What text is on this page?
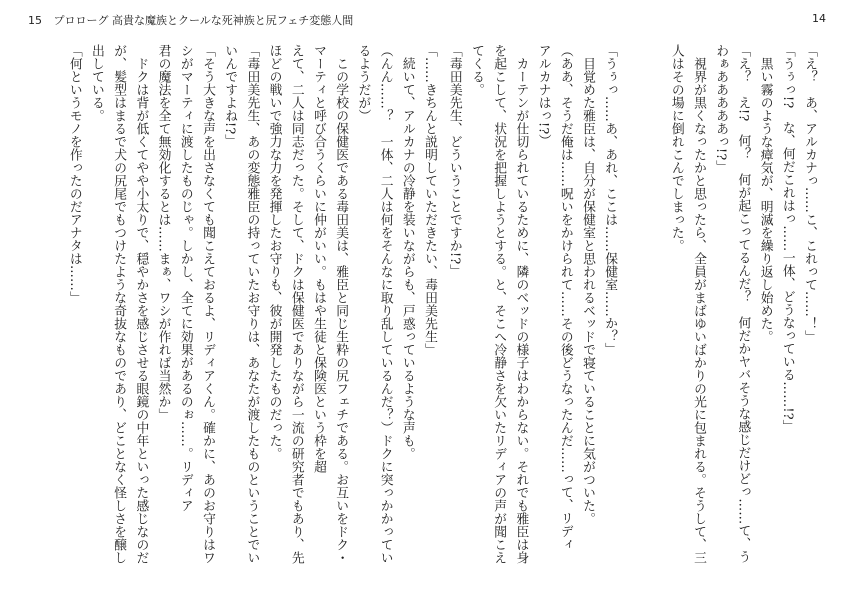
15 プロローグ 高貴な魔族とクールな死神族と尻フェチ変態人間	14

「え？　あ、アルカナっ……こ、これって……！」

「うぅっ!?　な、何だこれはっ……一体、どうなっている……!?」

　黒い霧のような瘴気が、明滅を繰り返し始めた。

「え？　え!?　何？　何が起こってるんだ？　何だかヤバそうな感じだけどっ……て、う

わぁあああああっ!?」

　視界が黒くなったかと思ったら、全員がまばゆいばかりの光に包まれる。そうして、三

人はその場に倒れこんでしまった。

「うぅっ……あ、あれ、ここは……保健室……か？」

　目覚めた雅臣は、自分が保健室と思われるベッドで寝ていることに気がついた。

（ああ、そうだ俺は……呪いをかけられて……その後どうなったんだ……って、リディ

アルカナはっ!?）

　カーテンが仕切られているために、隣のベッドの様子はわからない。それでも雅臣は身

を起こして、状況を把握しようとする。と、そこへ冷静さを欠いたリディアの声が聞こえ

てくる。

「毒田美先生、どういうことですか!?」

「……きちんと説明していただきたい、毒田美先生」

　続いて、アルカナの冷静を装いながらも、戸惑っているような声も。

（んん……？　一体、二人は何をそんなに取り乱しているんだ？）ドクに突っかかってい

るようだが）

　この学校の保健医である毒田美は、雅臣と同じ生粋の尻フェチである。お互いをドク・

マーティと呼び合うくらいに仲がいい。もはや生徒と保険医という枠を超

えて、二人は同志だった。そして、ドクは保健医でありながら一流の研究者でもあり、先

ほどの戦いで強力な力を発揮したお守りも、彼が開発したものだった。

「毒田美先生、あの変態雅臣の持っていたお守りは、あなたが渡したものということでい

いんですよね!?」

「そう大きな声を出さなくても聞こえておるよ、リディアくん。確かに、あのお守りはワ

シがマーティに渡したものじゃ。しかし、全てに効果があるのぉ……。リディア

君の魔法を全て無効化するとは……まぁ、ワシが作れば当然か」

　ドクは背が低くてやや小太りで、穏やかさを感じさせる眼鏡の中年といった感じなのだ

が、髪型はまるで犬の尻尾でもつけたような奇抜なものであり、どことなく怪しさを醸し

出している。

「何というモノを作ったのだアナタは……」
